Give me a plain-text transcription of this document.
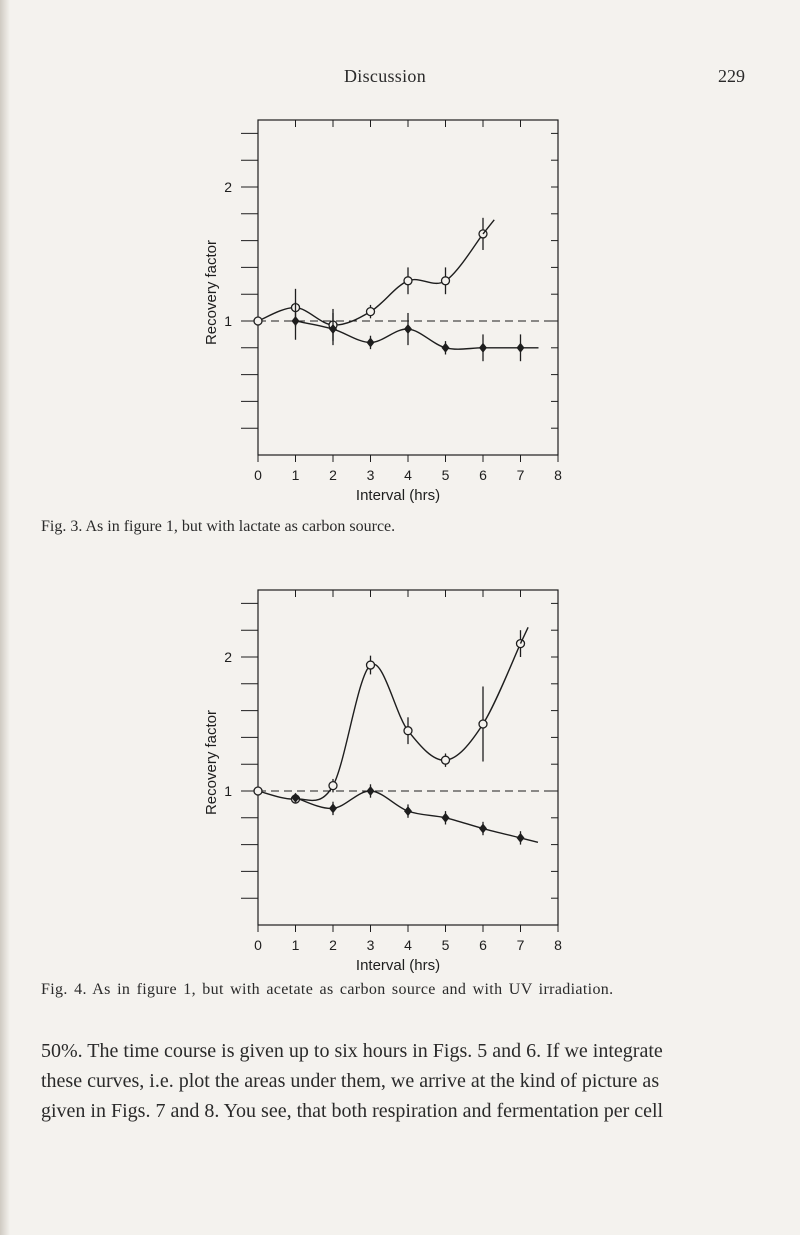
Discussion	229
0 1 2 3 4 5 6 7 8
1
2
Interval (hrs)
Recovery factor
Fig. 3. As in figure 1, but with lactate as carbon source.
0 1 2 3 4 5 6 7 8
1
2
Interval (hrs)
Recovery factor
Fig. 4. As in figure 1, but with acetate as carbon source and with UV irradiation.

50%. The time course is given up to six hours in Figs. 5 and 6. If we integrate

these curves, i.e. plot the areas under them, we arrive at the kind of picture as

given in Figs. 7 and 8. You see, that both respiration and fermentation per cell
